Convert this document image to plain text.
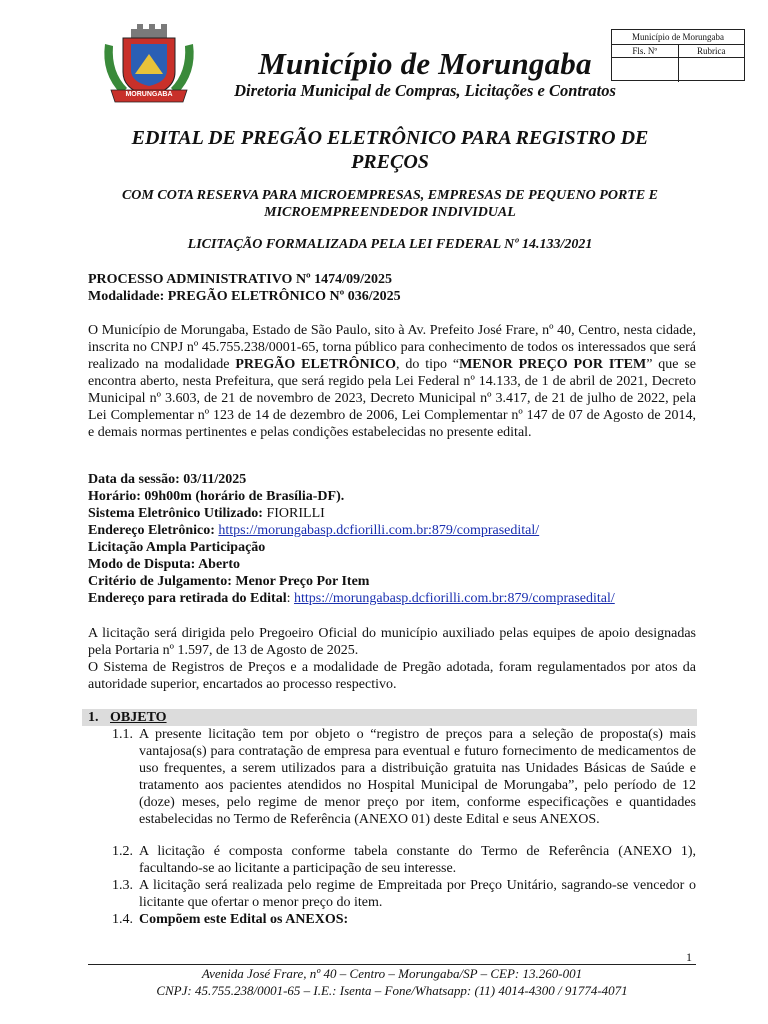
MORUNGABA
Município de Morungaba
Diretoria Municipal de Compras, Licitações e Contratos
Município de Morungaba
Fls. Nº	Rubrica
EDITAL DE PREGÃO ELETRÔNICO PARA REGISTRO DE
PREÇOS
COM COTA RESERVA PARA MICROEMPRESAS, EMPRESAS DE PEQUENO PORTE E
MICROEMPREENDEDOR INDIVIDUAL
LICITAÇÃO FORMALIZADA PELA LEI FEDERAL Nº 14.133/2021
PROCESSO ADMINISTRATIVO Nº 1474/09/2025
Modalidade: PREGÃO ELETRÔNICO Nº 036/2025
O Município de Morungaba, Estado de São Paulo, sito à Av. Prefeito José Frare, nº 40, Centro, nesta cidade, inscrita no CNPJ nº 45.755.238/0001-65, torna público para conhecimento de todos os interessados que será realizado na modalidade PREGÃO ELETRÔNICO, do tipo “MENOR PREÇO POR ITEM” que se encontra aberto, nesta Prefeitura, que será regido pela Lei Federal nº 14.133, de 1 de abril de 2021, Decreto Municipal nº 3.603, de 21 de novembro de 2023, Decreto Municipal nº 3.417, de 21 de julho de 2022, pela Lei Complementar nº 123 de 14 de dezembro de 2006, Lei Complementar nº 147 de 07 de Agosto de 2014, e demais normas pertinentes e pelas condições estabelecidas no presente edital.
Data da sessão: 03/11/2025
Horário: 09h00m (horário de Brasília-DF).
Sistema Eletrônico Utilizado: FIORILLI
Endereço Eletrônico: https://morungabasp.dcfiorilli.com.br:879/comprasedital/
Licitação Ampla Participação
Modo de Disputa: Aberto
Critério de Julgamento: Menor Preço Por Item
Endereço para retirada do Edital: https://morungabasp.dcfiorilli.com.br:879/comprasedital/
A licitação será dirigida pelo Pregoeiro Oficial do município auxiliado pelas equipes de apoio designadas pela Portaria nº 1.597, de 13 de Agosto de 2025.
O Sistema de Registros de Preços e a modalidade de Pregão adotada, foram regulamentados por atos da autoridade superior, encartados ao processo respectivo.
1. OBJETO
1.1. A presente licitação tem por objeto o “registro de preços para a seleção de proposta(s) mais vantajosa(s) para contratação de empresa para eventual e futuro fornecimento de medicamentos de uso frequentes, a serem utilizados para a distribuição gratuita nas Unidades Básicas de Saúde e tratamento aos pacientes atendidos no Hospital Municipal de Morungaba”, pelo período de 12 (doze) meses, pelo regime de menor preço por item, conforme especificações e quantidades estabelecidas no Termo de Referência (ANEXO 01) deste Edital e seus ANEXOS.
1.2. A licitação é composta conforme tabela constante do Termo de Referência (ANEXO 1), facultando-se ao licitante a participação de seu interesse.
1.3. A licitação será realizada pelo regime de Empreitada por Preço Unitário, sagrando-se vencedor o licitante que ofertar o menor preço do item.
1.4. Compõem este Edital os ANEXOS:
1
Avenida José Frare, nº 40 – Centro – Morungaba/SP – CEP: 13.260-001
CNPJ: 45.755.238/0001-65 – I.E.: Isenta – Fone/Whatsapp: (11) 4014-4300 / 91774-4071
